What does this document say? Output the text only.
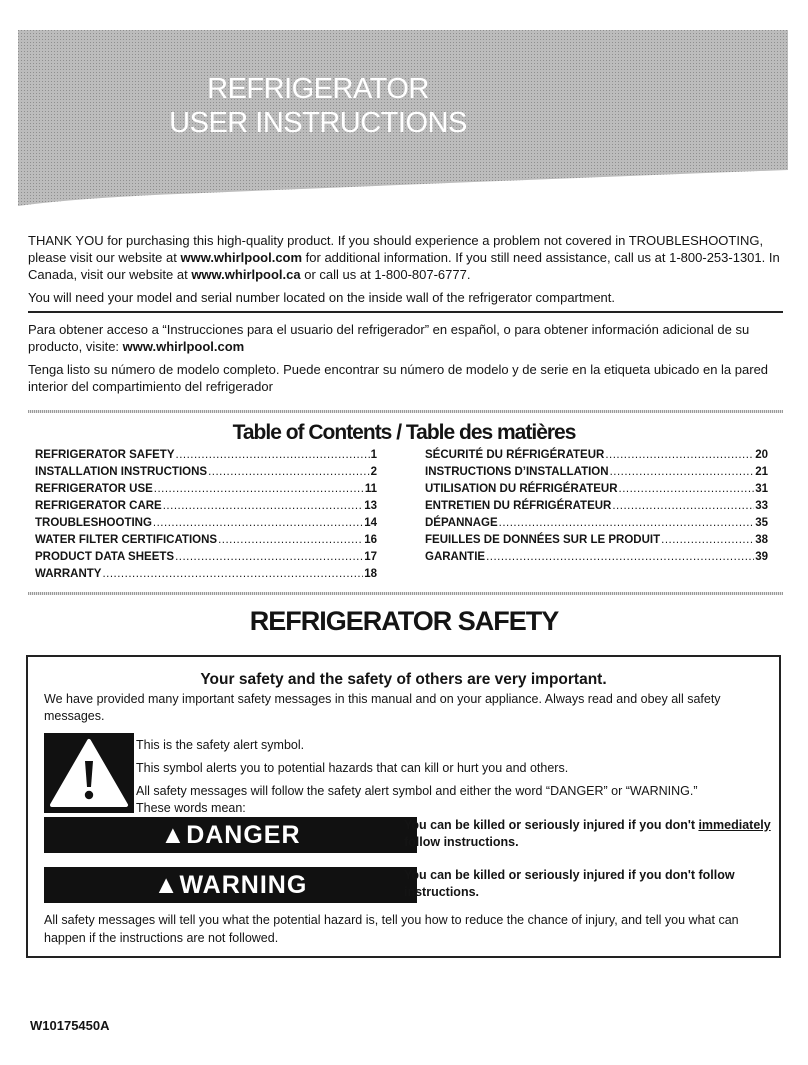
REFRIGERATOR
USER INSTRUCTIONS

THANK YOU for purchasing this high-quality product. If you should experience a problem not covered in TROUBLESHOOTING, please visit our website at www.whirlpool.com for additional information. If you still need assistance, call us at 1-800-253-1301. In Canada, visit our website at www.whirlpool.ca or call us at 1-800-807-6777.

You will need your model and serial number located on the inside wall of the refrigerator compartment.

Para obtener acceso a “Instrucciones para el usuario del refrigerador” en español, o para obtener información adicional de su producto, visite: www.whirlpool.com

Tenga listo su número de modelo completo. Puede encontrar su número de modelo y de serie en la etiqueta ubicado en la pared interior del compartimiento del refrigerador

Table of Contents / Table des matières
REFRIGERATOR SAFETY .....	1
INSTALLATION INSTRUCTIONS .....	2
REFRIGERATOR USE .....	11
REFRIGERATOR CARE .....	13
TROUBLESHOOTING .....	14
WATER FILTER CERTIFICATIONS .....	16
PRODUCT DATA SHEETS .....	17
WARRANTY .....	18
SÉCURITÉ DU RÉFRIGÉRATEUR .....	20
INSTRUCTIONS D’INSTALLATION .....	21
UTILISATION DU RÉFRIGÉRATEUR .....	31
ENTRETIEN DU RÉFRIGÉRATEUR .....	33
DÉPANNAGE .....	35
FEUILLES DE DONNÉES SUR LE PRODUIT .....	38
GARANTIE .....	39
REFRIGERATOR SAFETY
Your safety and the safety of others are very important.
We have provided many important safety messages in this manual and on your appliance. Always read and obey all safety messages.

This is the safety alert symbol.

This symbol alerts you to potential hazards that can kill or hurt you and others.

All safety messages will follow the safety alert symbol and either the word “DANGER” or “WARNING.”

These words mean:

▲DANGER	You can be killed or seriously injured if you don't immediately follow instructions.
▲WARNING	You can be killed or seriously injured if you don't follow instructions.
All safety messages will tell you what the potential hazard is, tell you how to reduce the chance of injury, and tell you what can happen if the instructions are not followed.
W10175450A
